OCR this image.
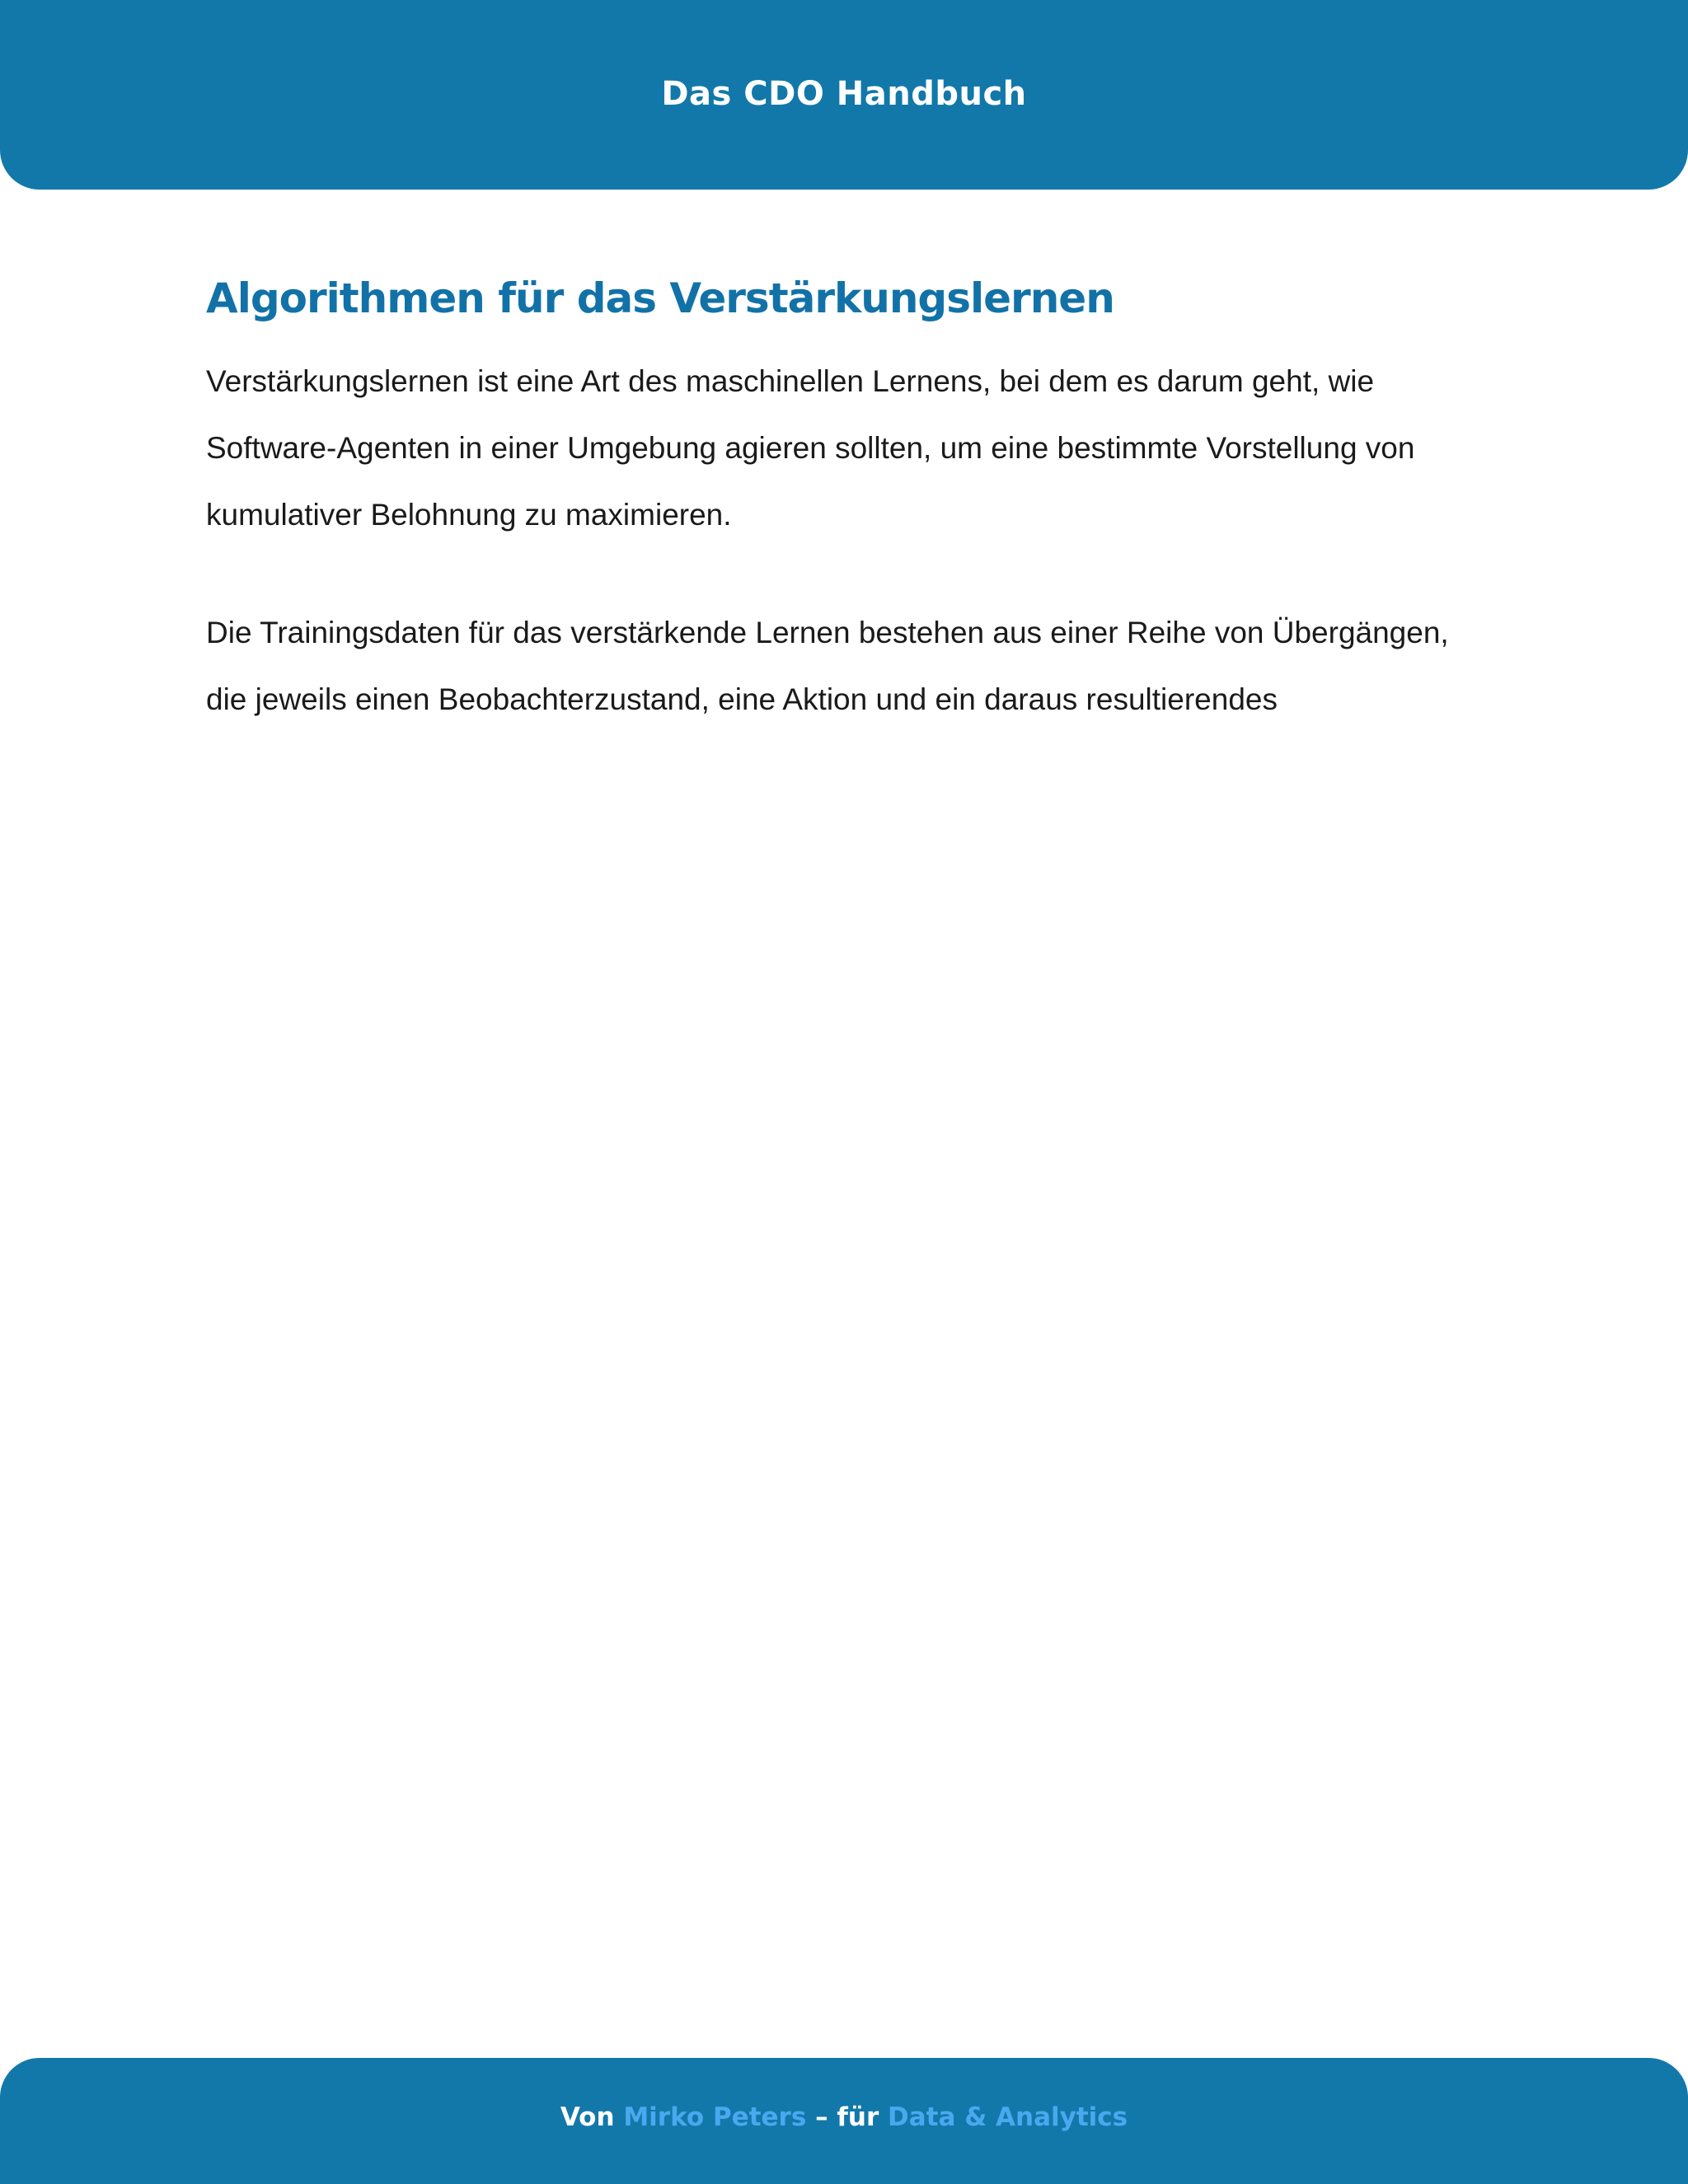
Das CDO Handbuch
Algorithmen für das Verstärkungslernen

Verstärkungslernen ist eine Art des maschinellen Lernens, bei dem es darum geht, wie Software-Agenten in einer Umgebung agieren sollten, um eine bestimmte Vorstellung von kumulativer Belohnung zu maximieren.

Die Trainingsdaten für das verstärkende Lernen bestehen aus einer Reihe von Übergängen, die jeweils einen Beobachterzustand, eine Aktion und ein daraus resultierendes

Von Mirko Peters – für Data & Analytics
